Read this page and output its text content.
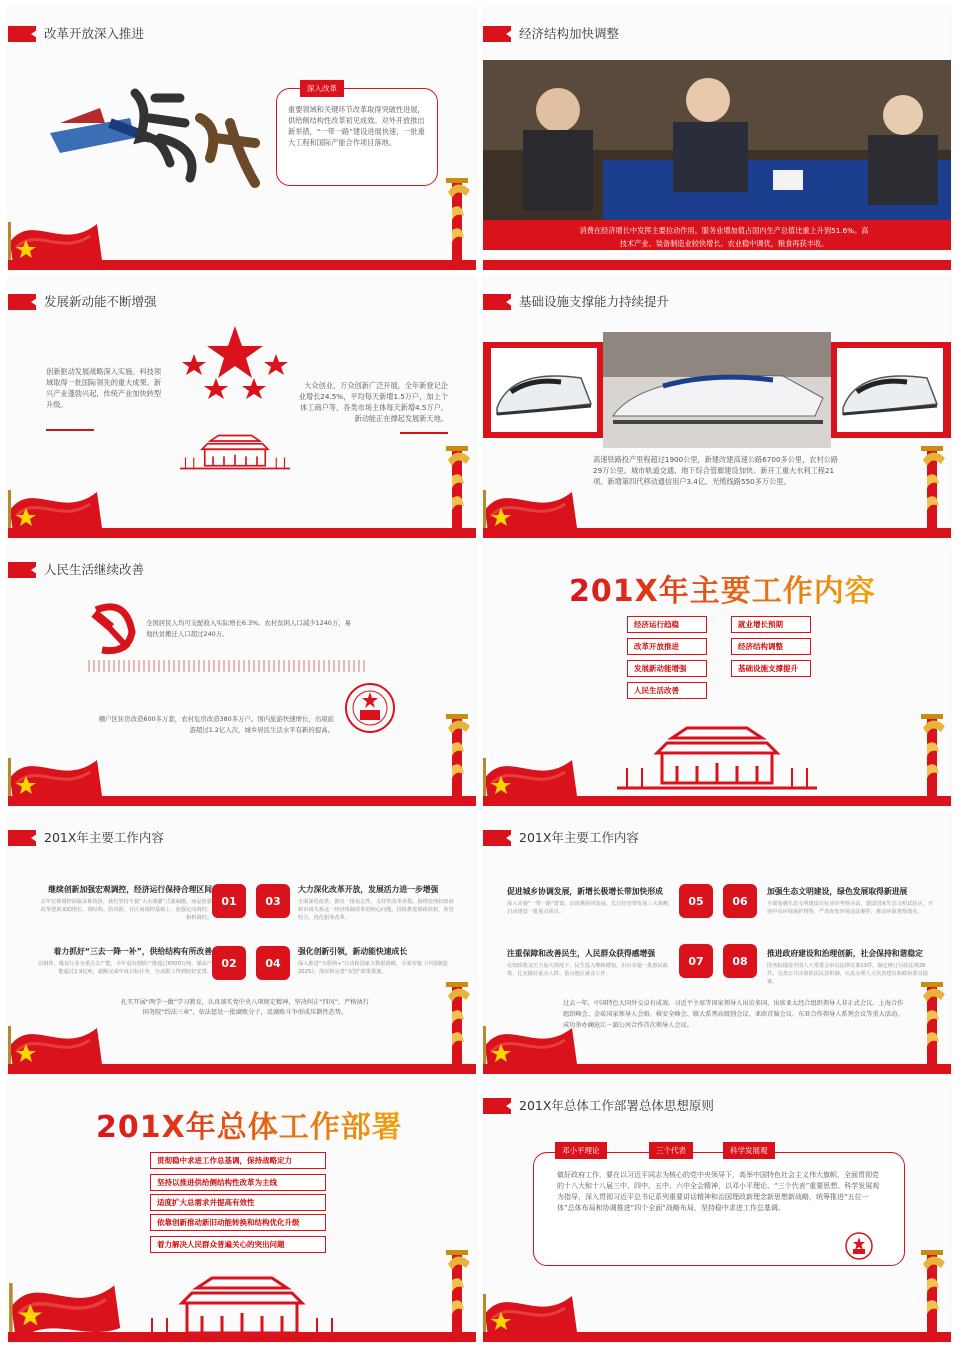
改革开放深入推进
深入改革
重要领域和关键环节改革取得突破性进展，供给侧结构性改革初见成效。对外开放推出新举措，“一带一路”建设进展快速，一批重大工程和国际产能合作项目落地。
经济结构加快调整
消费在经济增长中发挥主要拉动作用。服务业增加值占国内生产总值比重上升到51.6%。高技术产业、装备制造业较快增长。农业稳中调优，粮食再获丰收。
发展新动能不断增强
创新驱动发展战略深入实施。科技领域取得一批国际领先的重大成果。新兴产业蓬勃兴起，传统产业加快转型升级。
大众创业、万众创新广泛开展，全年新登记企业增长24.5%，平均每天新增1.5万户，加上个体工商户等，各类市场主体每天新增4.5万户。新动能正在撑起发展新天地。
基础设施支撑能力持续提升
高速铁路投产里程超过1900公里，新建改建高速公路6700多公里，农村公路29万公里。城市轨道交通、地下综合管廊建设加快。新开工重大水利工程21项。新增第四代移动通信用户3.4亿、光缆线路550多万公里。
人民生活继续改善
全国居民人均可支配收入实际增长6.3%。农村贫困人口减少1240万，易地扶贫搬迁人口超过240万。
棚户区住房改造600多万套，农村危房改造380多万户。国内旅游快速增长，出境旅游超过1.2亿人次，城乡居民生活水平有新的提高。
201X年主要工作内容
经济运行趋稳	就业增长预期
改革开放推进	经济结构调整
发展新动能增强	基础设施支撑提升
人民生活改善
201X年主要工作内容
继续创新加强宏观调控，经济运行保持合理区间
去年宏观调控面临多难抉择，我们坚持不搞“大水漫灌”式强刺激，而是依靠改革创新来稳增长、调结构、防风险，在区间调控基础上，加强定向调控、相机调控。
01
着力抓好“三去一降一补”，供给结构有所改善
以钢铁、煤炭行业为重点去产能，全年退出钢铁产能超过6500万吨、煤炭产能超过2.9亿吨，超额完成年度目标任务，分流职工得到较好安置。
02
03
大力深化改革开放，发展活力进一步增强
全面深化改革，推出一批标志性、支柱性改革举措。围绕处理好政府和市场关系这一经济体制改革的核心问题，持续推进简政放权、放管结合、优化服务改革。
04
强化创新引领，新动能快速成长
深入推进“互联网+”行动和国家大数据战略，全面实施《中国制造2025》，落实和完善“双创”政策措施。
扎实开展“两学一做”学习教育，认真落实党中央八项规定精神，坚决纠正“四风”，严格执行国务院“约法三章”，依法惩处一批腐败分子，反腐败斗争形成压倒性态势。
201X年主要工作内容
促进城乡协调发展，新增长极增长带加快形成
深入实施“一带一路”建设、京津冀协同发展、长江经济带发展三大战略，启动建设一批重点项目。
05
注重保障和改善民生，人民群众获得感增强
在财政收支压力加大情况下，民生投入继续增加，出台实施一批惠民政策，扎实做好重点人群、重点地区就业工作。
07
06
加强生态文明建设，绿色发展取得新进展
全面加强生态文明建设目标评价考核办法，建设国家生态文明试验区。开展中央环境保护督察，严肃查处环境违法案件，推动环保督察落实。
08
推进政府建设和治理创新，社会保持和谐稳定
国务院提请全国人大常委会审议法律议案13件，制定修订行政法规26件。完善公共决策依法民意机制，认真办理人大代表建议和政协委员提案。
过去一年，中国特色大国外交卓有成效。习近平主席等国家领导人出访多国，出席亚太经合组织领导人非正式会议、上海合作组织峰会、金砖国家领导人会晤、核安全峰会、联大系列高级别会议、亚欧首脑会议、东亚合作领导人系列会议等重大活动。成功举办澜沧江－湄公河合作首次领导人会议。
201X年总体工作部署
贯彻稳中求进工作总基调，保持战略定力
坚持以推进供给侧结构性改革为主线
适度扩大总需求并提高有效性
依靠创新推动新旧动能转换和结构优化升级
着力解决人民群众普遍关心的突出问题
201X年总体工作部署总体思想原则
邓小平理论	三个代表	科学发展观
做好政府工作，要在以习近平同志为核心的党中央领导下，高举中国特色社会主义伟大旗帜，全面贯彻党的十八大和十八届三中、四中、五中、六中全会精神，以邓小平理论、“三个代表”重要思想、科学发展观为指导，深入贯彻习近平总书记系列重要讲话精神和治国理政新理念新思想新战略，统筹推进“五位一体”总体布局和协调推进“四个全面”战略布局，坚持稳中求进工作总基调。
